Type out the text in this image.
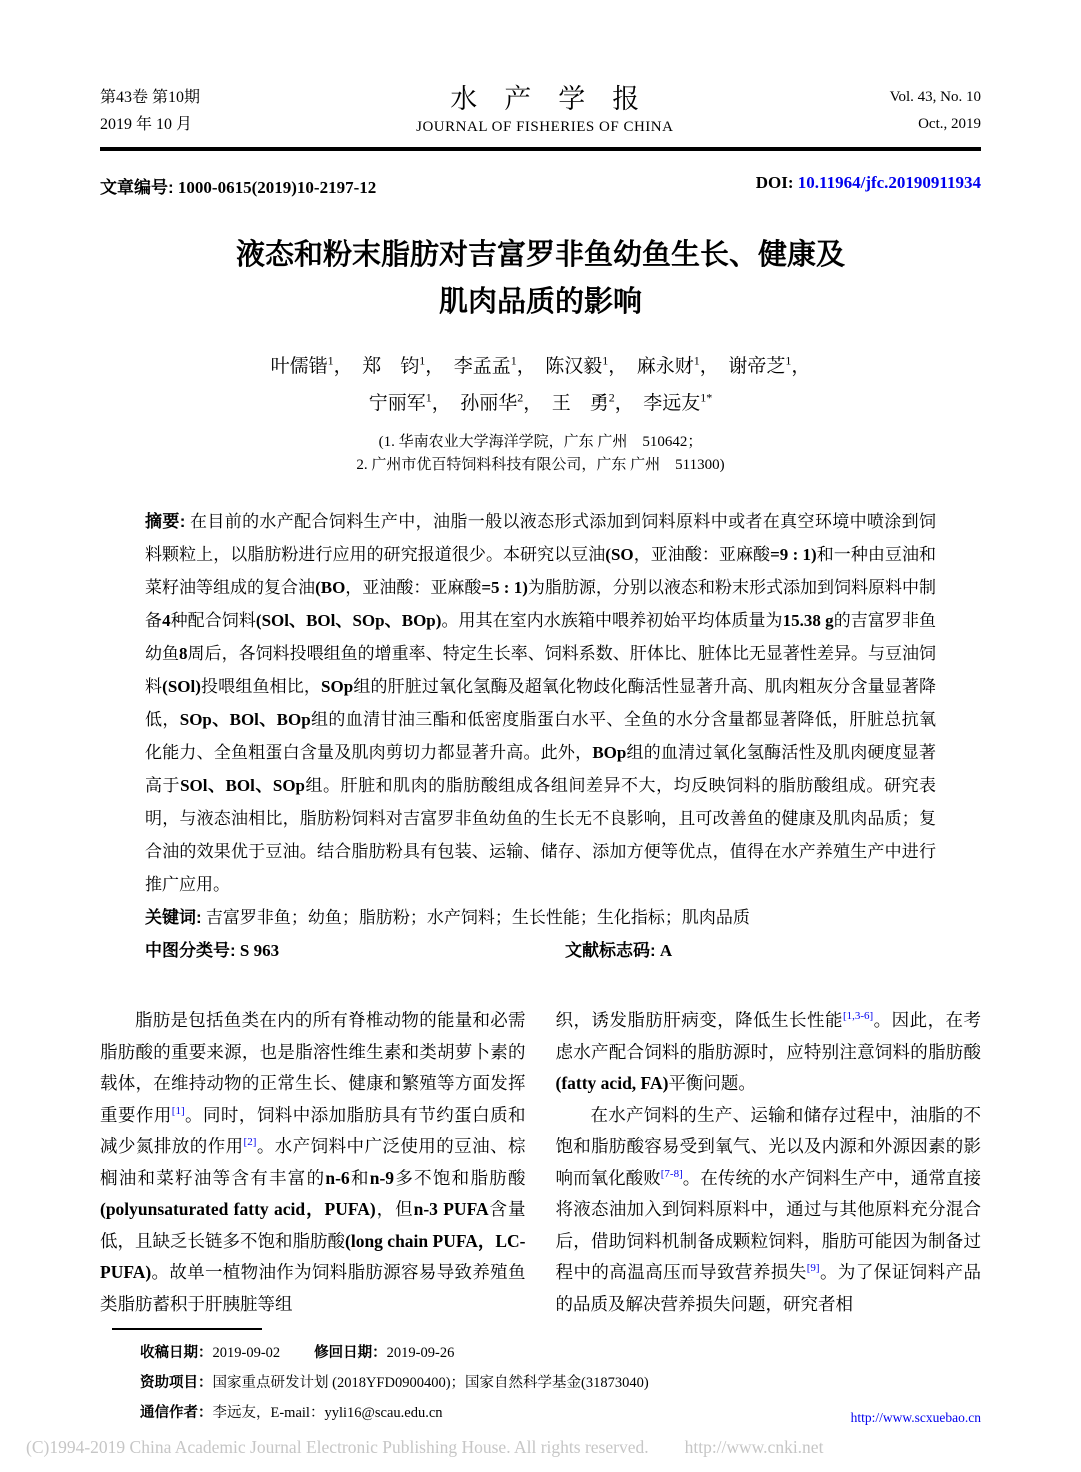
第43卷 第10期
2019 年 10 月
水　产　学　报
JOURNAL OF FISHERIES OF CHINA
Vol. 43, No. 10
Oct., 2019
文章编号: 1000-0615(2019)10-2197-12	DOI: 10.11964/jfc.20190911934
液态和粉末脂肪对吉富罗非鱼幼鱼生长、健康及
肌肉品质的影响
叶儒锴$^1$，　郑　钧$^1$，　李孟孟$^1$，　陈汉毅$^1$，　麻永财$^1$，　谢帝芝$^1$，
宁丽军$^1$，　孙丽华$^2$，　王　勇$^2$，　李远友$^{1*}$
(1. 华南农业大学海洋学院，广东 广州　510642；
2. 广州市优百特饲料科技有限公司，广东 广州　511300)
摘要: 在目前的水产配合饲料生产中，油脂一般以液态形式添加到饲料原料中或者在真空环境中喷涂到饲料颗粒上，以脂肪粉进行应用的研究报道很少。本研究以豆油(SO，亚油酸：亚麻酸=9 : 1)和一种由豆油和菜籽油等组成的复合油(BO，亚油酸：亚麻酸=5 : 1)为脂肪源，分别以液态和粉末形式添加到饲料原料中制备4种配合饲料(SOl、BOl、SOp、BOp)。用其在室内水族箱中喂养初始平均体质量为15.38 g的吉富罗非鱼幼鱼8周后，各饲料投喂组鱼的增重率、特定生长率、饲料系数、肝体比、脏体比无显著性差异。与豆油饲料(SOl)投喂组鱼相比，SOp组的肝脏过氧化氢酶及超氧化物歧化酶活性显著升高、肌肉粗灰分含量显著降低，SOp、BOl、BOp组的血清甘油三酯和低密度脂蛋白水平、全鱼的水分含量都显著降低，肝脏总抗氧化能力、全鱼粗蛋白含量及肌肉剪切力都显著升高。此外，BOp组的血清过氧化氢酶活性及肌肉硬度显著高于SOl、BOl、SOp组。肝脏和肌肉的脂肪酸组成各组间差异不大，均反映饲料的脂肪酸组成。研究表明，与液态油相比，脂肪粉饲料对吉富罗非鱼幼鱼的生长无不良影响，且可改善鱼的健康及肌肉品质；复合油的效果优于豆油。结合脂肪粉具有包装、运输、储存、添加方便等优点，值得在水产养殖生产中进行推广应用。
关键词: 吉富罗非鱼；幼鱼；脂肪粉；水产饲料；生长性能；生化指标；肌肉品质
中图分类号: S 963	文献标志码: A

脂肪是包括鱼类在内的所有脊椎动物的能量和必需脂肪酸的重要来源，也是脂溶性维生素和类胡萝卜素的载体，在维持动物的正常生长、健康和繁殖等方面发挥重要作用[1]。同时，饲料中添加脂肪具有节约蛋白质和减少氮排放的作用[2]。水产饲料中广泛使用的豆油、棕榈油和菜籽油等含有丰富的n-6和n-9多不饱和脂肪酸(polyunsaturated fatty acid，PUFA)，但n-3 PUFA含量低，且缺乏长链多不饱和脂肪酸(long chain PUFA，LC-PUFA)。故单一植物油作为饲料脂肪源容易导致养殖鱼类脂肪蓄积于肝胰脏等组

织，诱发脂肪肝病变，降低生长性能[1,3-6]。因此，在考虑水产配合饲料的脂肪源时，应特别注意饲料的脂肪酸(fatty acid, FA)平衡问题。

在水产饲料的生产、运输和储存过程中，油脂的不饱和脂肪酸容易受到氧气、光以及内源和外源因素的影响而氧化酸败[7-8]。在传统的水产饲料生产中，通常直接将液态油加入到饲料原料中，通过与其他原料充分混合后，借助饲料机制备成颗粒饲料，脂肪可能因为制备过程中的高温高压而导致营养损失[9]。为了保证饲料产品的品质及解决营养损失问题，研究者相

收稿日期：2019-09-02 修回日期：2019-09-26
资助项目：国家重点研发计划 (2018YFD0900400)；国家自然科学基金(31873040)
通信作者：李远友，E-mail：yyli16@scau.edu.cn	http://www.scxuebao.cn
(C)1994-2019 China Academic Journal Electronic Publishing House. All rights reserved. http://www.cnki.net
